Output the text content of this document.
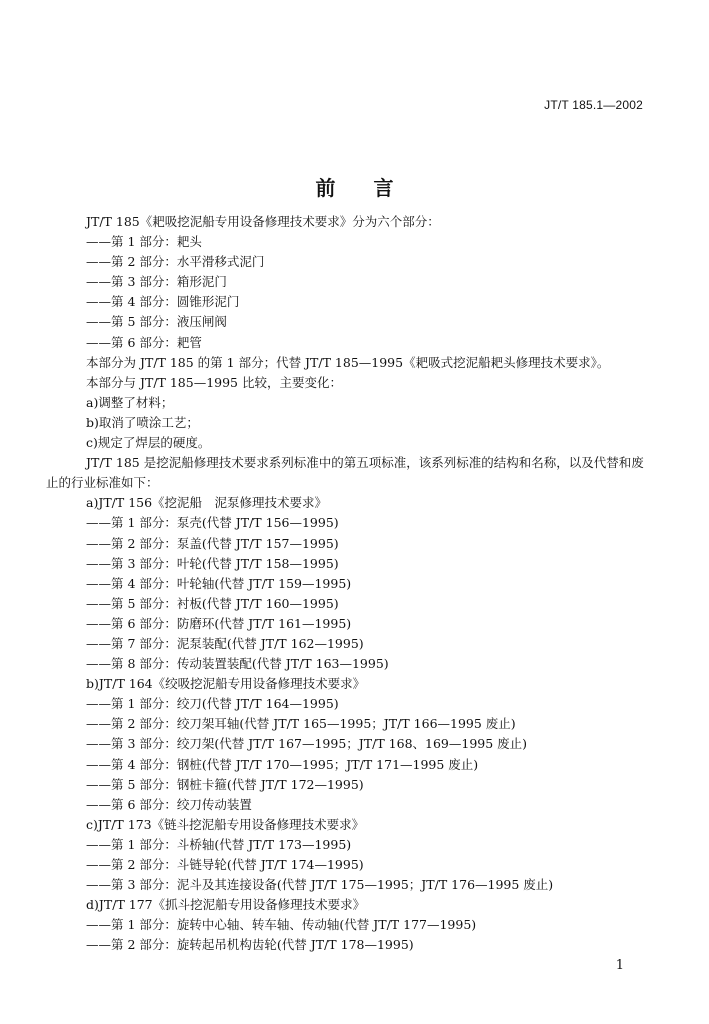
JT/T 185.1—2002
前言

JT/T 185《耙吸挖泥船专用设备修理技术要求》分为六个部分：

——第 1 部分：耙头

——第 2 部分：水平滑移式泥门

——第 3 部分：箱形泥门

——第 4 部分：圆锥形泥门

——第 5 部分：液压闸阀

——第 6 部分：耙管

本部分为 JT/T 185 的第 1 部分；代替 JT/T 185—1995《耙吸式挖泥船耙头修理技术要求》。

本部分与 JT/T 185—1995 比较，主要变化：

a)调整了材料；

b)取消了喷涂工艺；

c)规定了焊层的硬度。

JT/T 185 是挖泥船修理技术要求系列标准中的第五项标准，该系列标准的结构和名称，以及代替和废止的行业标准如下：

a)JT/T 156《挖泥船　泥泵修理技术要求》

——第 1 部分：泵壳(代替 JT/T 156—1995)

——第 2 部分：泵盖(代替 JT/T 157—1995)

——第 3 部分：叶轮(代替 JT/T 158—1995)

——第 4 部分：叶轮轴(代替 JT/T 159—1995)

——第 5 部分：衬板(代替 JT/T 160—1995)

——第 6 部分：防磨环(代替 JT/T 161—1995)

——第 7 部分：泥泵装配(代替 JT/T 162—1995)

——第 8 部分：传动装置装配(代替 JT/T 163—1995)

b)JT/T 164《绞吸挖泥船专用设备修理技术要求》

——第 1 部分：绞刀(代替 JT/T 164—1995)

——第 2 部分：绞刀架耳轴(代替 JT/T 165—1995；JT/T 166—1995 废止)

——第 3 部分：绞刀架(代替 JT/T 167—1995；JT/T 168、169—1995 废止)

——第 4 部分：钢桩(代替 JT/T 170—1995；JT/T 171—1995 废止)

——第 5 部分：钢桩卡箍(代替 JT/T 172—1995)

——第 6 部分：绞刀传动装置

c)JT/T 173《链斗挖泥船专用设备修理技术要求》

——第 1 部分：斗桥轴(代替 JT/T 173—1995)

——第 2 部分：斗链导轮(代替 JT/T 174—1995)

——第 3 部分：泥斗及其连接设备(代替 JT/T 175—1995；JT/T 176—1995 废止)

d)JT/T 177《抓斗挖泥船专用设备修理技术要求》

——第 1 部分：旋转中心轴、转车轴、传动轴(代替 JT/T 177—1995)

——第 2 部分：旋转起吊机构齿轮(代替 JT/T 178—1995)

1
